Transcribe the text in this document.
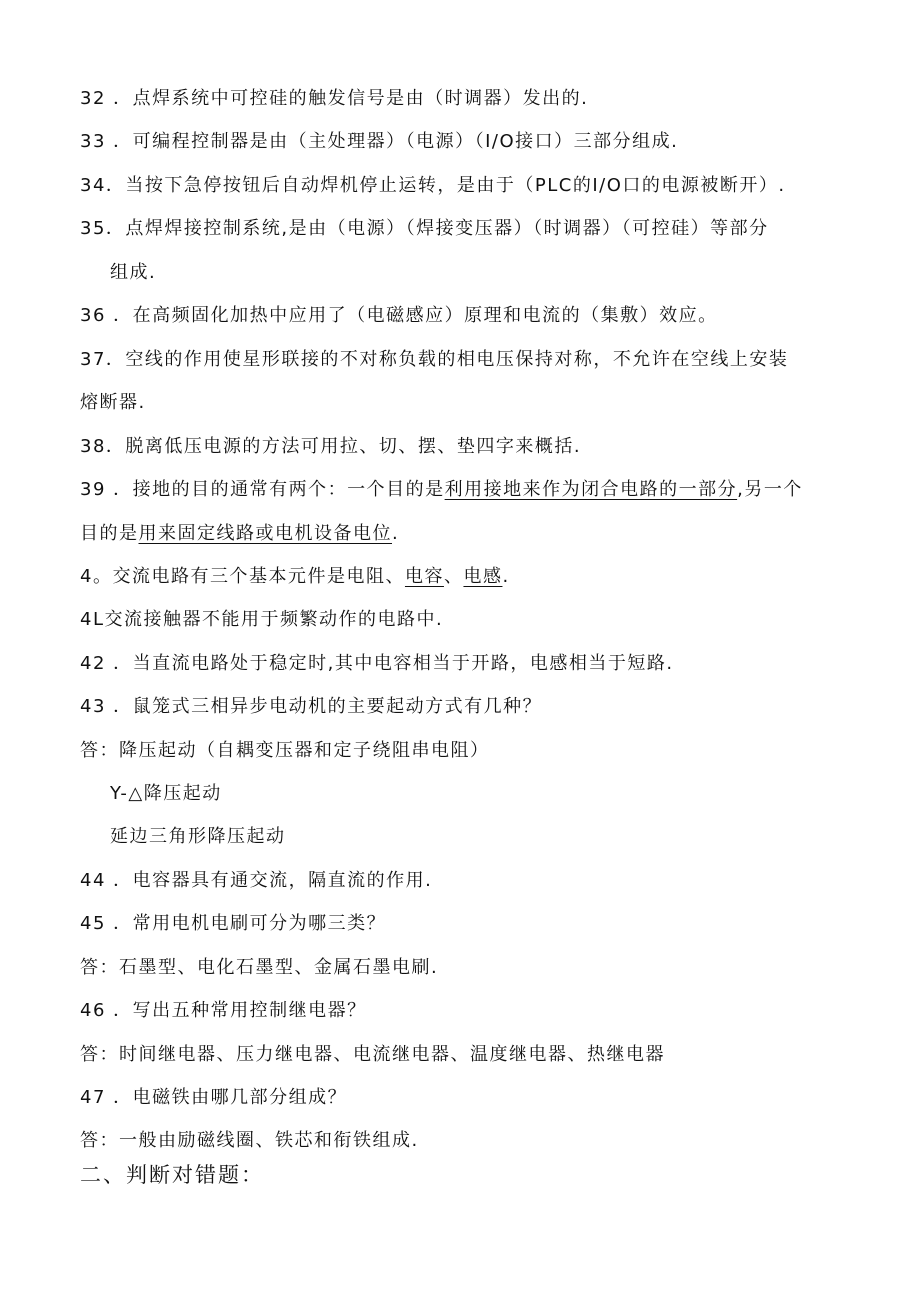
32 ．点焊系统中可控硅的触发信号是由（时调器）发出的.
33 ．可编程控制器是由（主处理器）（电源）（I/O接口）三部分组成.
34．当按下急停按钮后自动焊机停止运转，是由于（PLC的I/O口的电源被断开）.
35．点焊焊接控制系统,是由（电源）（焊接变压器）（时调器）（可控硅）等部分
组成.
36 ．在高频固化加热中应用了（电磁感应）原理和电流的（集敷）效应。
37．空线的作用使星形联接的不对称负载的相电压保持对称，不允许在空线上安装
熔断器.
38．脱离低压电源的方法可用拉、切、摆、垫四字来概括.
39 ．接地的目的通常有两个：一个目的是利用接地来作为闭合电路的一部分,另一个
目的是用来固定线路或电机设备电位.
4。交流电路有三个基本元件是电阻、电容、电感.
4L交流接触器不能用于频繁动作的电路中.
42 ．当直流电路处于稳定时,其中电容相当于开路，电感相当于短路.
43 ．鼠笼式三相异步电动机的主要起动方式有几种？
答：降压起动（自耦变压器和定子绕阻串电阻）
Y-△降压起动
延边三角形降压起动
44 ．电容器具有通交流，隔直流的作用.
45 ．常用电机电刷可分为哪三类？
答：石墨型、电化石墨型、金属石墨电刷.
46 ．写出五种常用控制继电器？
答：时间继电器、压力继电器、电流继电器、温度继电器、热继电器
47 ．电磁铁由哪几部分组成？
答：一般由励磁线圈、铁芯和衔铁组成.
二、判断对错题：
